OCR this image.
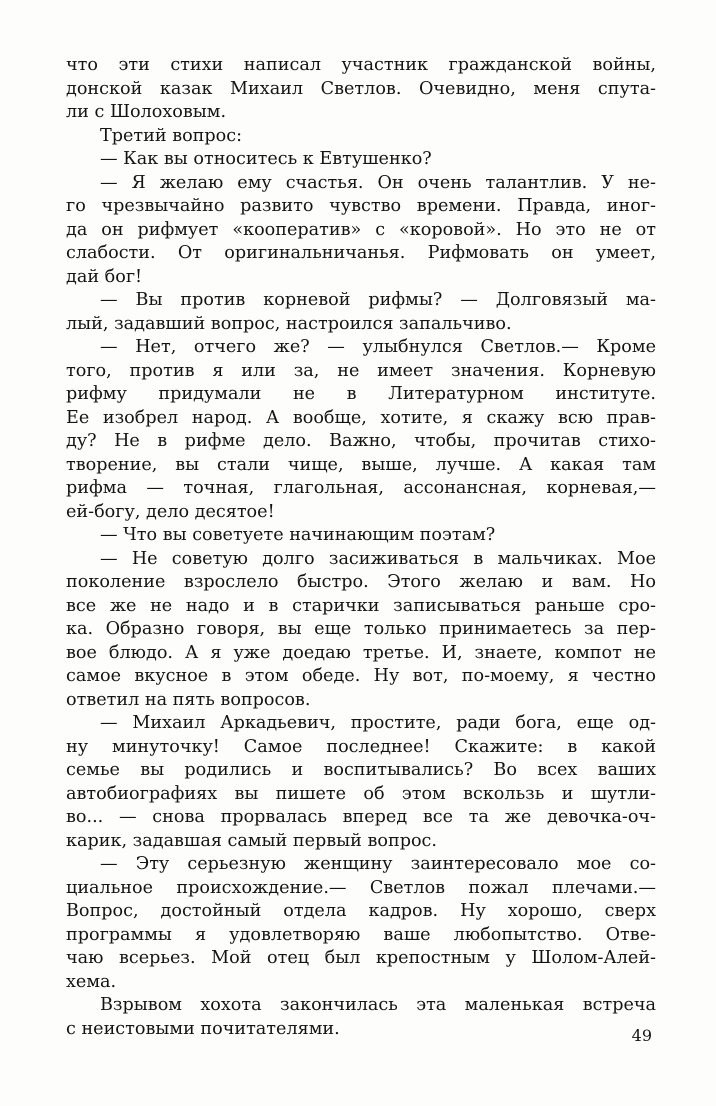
что эти стихи написал участник гражданской войны,
донской казак Михаил Светлов. Очевидно, меня спута-
ли с Шолоховым.
Третий вопрос:
— Как вы относитесь к Евтушенко?
— Я желаю ему счастья. Он очень талантлив. У не-
го чрезвычайно развито чувство времени. Правда, иног-
да он рифмует «кооператив» с «коровой». Но это не от
слабости. От оригинальничанья. Рифмовать он умеет,
дай бог!
— Вы против корневой рифмы? — Долговязый ма-
лый, задавший вопрос, настроился запальчиво.
— Нет, отчего же? — улыбнулся Светлов.— Кроме
того, против я или за, не имеет значения. Корневую
рифму придумали не в Литературном институте.
Ее изобрел народ. А вообще, хотите, я скажу всю прав-
ду? Не в рифме дело. Важно, чтобы, прочитав стихо-
творение, вы стали чище, выше, лучше. А какая там
рифма — точная, глагольная, ассонансная, корневая,—
ей-богу, дело десятое!
— Что вы советуете начинающим поэтам?
— Не советую долго засиживаться в мальчиках. Мое
поколение взрослело быстро. Этого желаю и вам. Но
все же не надо и в старички записываться раньше сро-
ка. Образно говоря, вы еще только принимаетесь за пер-
вое блюдо. А я уже доедаю третье. И, знаете, компот не
самое вкусное в этом обеде. Ну вот, по-моему, я честно
ответил на пять вопросов.
— Михаил Аркадьевич, простите, ради бога, еще од-
ну минуточку! Самое последнее! Скажите: в какой
семье вы родились и воспитывались? Во всех ваших
автобиографиях вы пишете об этом вскользь и шутли-
во... — снова прорвалась вперед все та же девочка-оч-
карик, задавшая самый первый вопрос.
— Эту серьезную женщину заинтересовало мое со-
циальное происхождение.— Светлов пожал плечами.—
Вопрос, достойный отдела кадров. Ну хорошо, сверх
программы я удовлетворяю ваше любопытство. Отве-
чаю всерьез. Мой отец был крепостным у Шолом-Алей-
хема.
Взрывом хохота закончилась эта маленькая встреча
с неистовыми почитателями.	49
